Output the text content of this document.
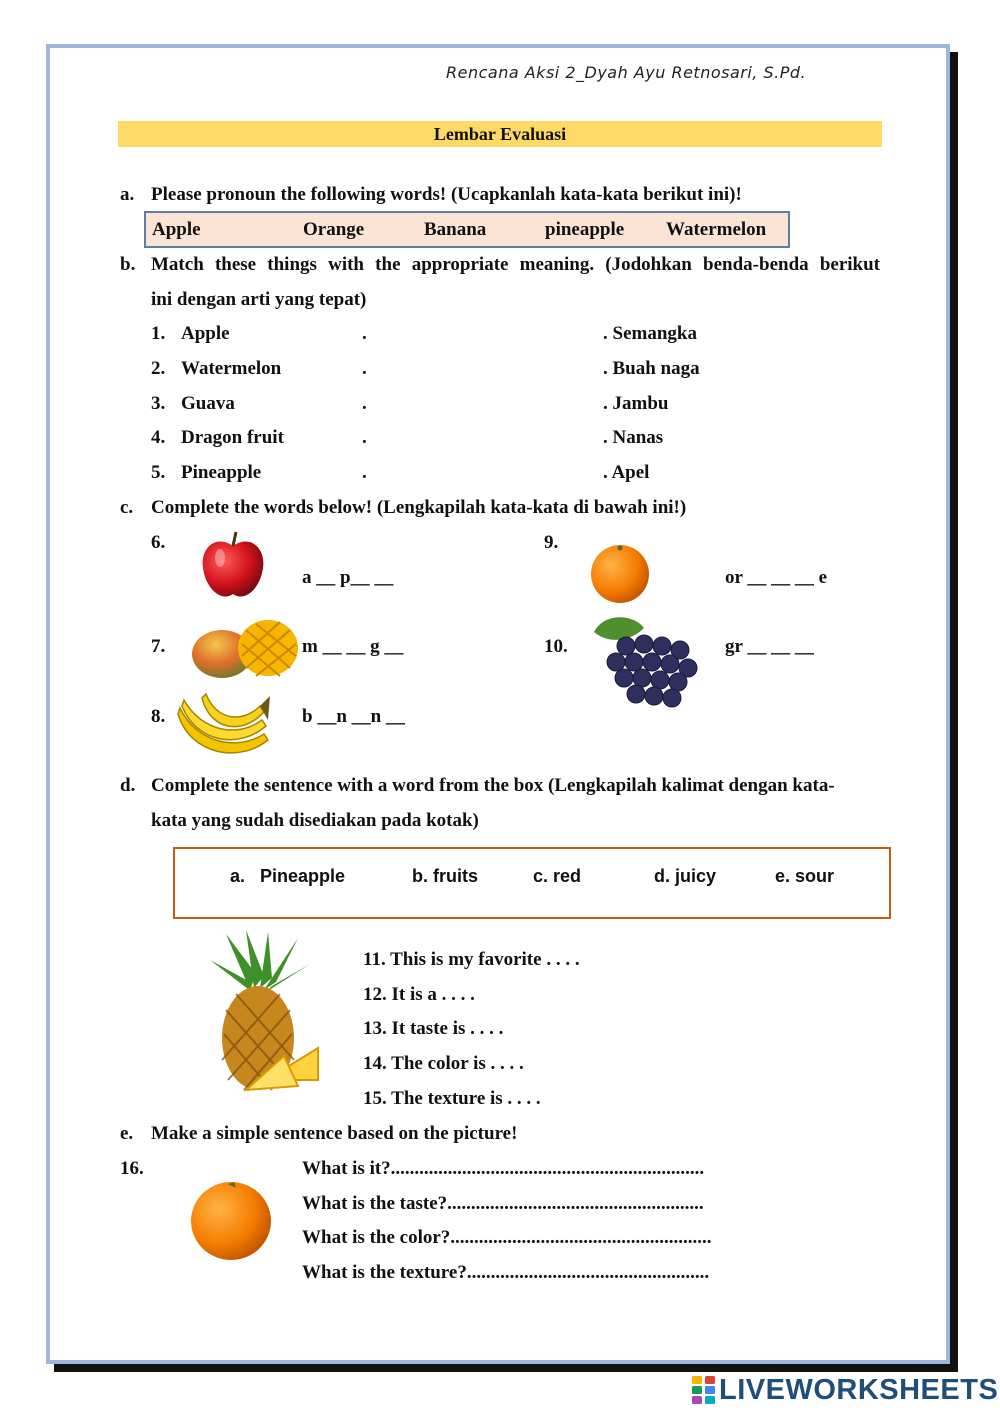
Rencana Aksi 2_Dyah Ayu Retnosari, S.Pd.
Lembar Evaluasi
a. Please pronoun the following words! (Ucapkanlah kata-kata berikut ini)!
Apple	Orange	Banana	pineapple Watermelon
b. Match these things with the appropriate meaning. (Jodohkan benda-benda berikut
ini dengan arti yang tepat)
1. Apple	.	. Semangka
2. Watermelon	.	. Buah naga
3. Guava	.	. Jambu
4. Dragon fruit	.	. Nanas
5. Pineapple	.	. Apel
c. Complete the words below! (Lengkapilah kata-kata di bawah ini!)
6.
a __ p__ __
7.	m __ __ g __
8.	b __n __n __
9.
or __ __ __ e
10.	gr __ __ __
d. Complete the sentence with a word from the box (Lengkapilah kalimat dengan kata-
kata yang sudah disediakan pada kotak)
a.   Pineapple	b. fruits	c. red	d. juicy	e. sour
11. This is my favorite . . . .
12. It is a . . . .
13. It taste is . . . .
14. The color is . . . .
15. The texture is . . . .
e. Make a simple sentence based on the picture!
16.	What is it?..................................................................
What is the taste?......................................................
What is the color?.......................................................
What is the texture?...................................................
LIVEWORKSHEETS
